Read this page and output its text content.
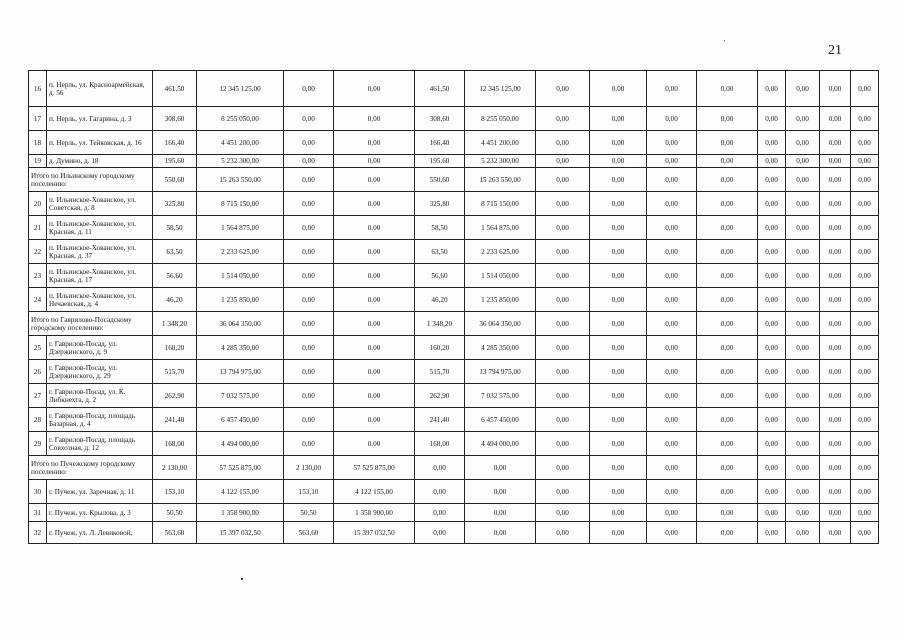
21
16	п. Нерль, ул. Красноармейская, д. 56	461,50	12 345 125,00	0,00	0,00	461,50	12 345 125,00	0,00	0,00	0,00	0,00	0,00	0,00	0,00	0,00
17	п. Нерль, ул. Гагарина, д. 3	308,60	8 255 050,00	0,00	0,00	308,60	8 255 050,00	0,00	0,00	0,00	0,00	0,00	0,00	0,00	0,00
18	п. Нерль, ул. Тейковская, д. 16	166,40	4 451 200,00	0,00	0,00	166,40	4 451 200,00	0,00	0,00	0,00	0,00	0,00	0,00	0,00	0,00
19	д. Думино, д. 18	195,60	5 232 300,00	0,00	0,00	195,60	5 232 300,00	0,00	0,00	0,00	0,00	0,00	0,00	0,00	0,00
Итого по Ильинскому городскому поселению:		550,60	15 263 550,00	0,00	0,00	550,60	15 263 550,00	0,00	0,00	0,00	0,00	0,00	0,00	0,00	0,00
20	п. Ильинское-Хованское, ул. Советская, д. 8	325,80	8 715 150,00	0,00	0,00	325,80	8 715 150,00	0,00	0,00	0,00	0,00	0,00	0,00	0,00	0,00
21	п. Ильинское-Хованское, ул. Красная, д. 11	58,50	1 564 875,00	0,00	0,00	58,50	1 564 875,00	0,00	0,00	0,00	0,00	0,00	0,00	0,00	0,00
22	п. Ильинское-Хованское, ул. Красная, д. 37	63,50	2 233 625,00	0,00	0,00	63,50	2 233 625,00	0,00	0,00	0,00	0,00	0,00	0,00	0,00	0,00
23	п. Ильинское-Хованское, ул. Красная, д. 17	56,60	1 514 050,00	0,00	0,00	56,60	1 514 050,00	0,00	0,00	0,00	0,00	0,00	0,00	0,00	0,00
24	п. Ильинское-Хованское, ул. Нечаевская, д. 4	46,20	1 235 850,00	0,00	0,00	46,20	1 235 850,00	0,00	0,00	0,00	0,00	0,00	0,00	0,00	0,00
Итого по Гаврилово-Посадскому городскому поселению:		1 348,20	36 064 350,00	0,00	0,00	1 348,20	36 064 350,00	0,00	0,00	0,00	0,00	0,00	0,00	0,00	0,00
25	г. Гаврилов-Посад, ул. Дзержинского, д. 9	160,20	4 285 350,00	0,00	0,00	160,20	4 285 350,00	0,00	0,00	0,00	0,00	0,00	0,00	0,00	0,00
26	г. Гаврилов-Посад, ул. Дзержинского, д. 29	515,70	13 794 975,00	0,00	0,00	515,70	13 794 975,00	0,00	0,00	0,00	0,00	0,00	0,00	0,00	0,00
27	г. Гаврилов-Посад, ул. К. Либкнехта, д. 2	262,90	7 032 575,00	0,00	0,00	262,90	7 032 575,00	0,00	0,00	0,00	0,00	0,00	0,00	0,00	0,00
28	г. Гаврилов-Посад, площадь Базарная, д. 4	241,40	6 457 450,00	0,00	0,00	241,40	6 457 450,00	0,00	0,00	0,00	0,00	0,00	0,00	0,00	0,00
29	г. Гаврилов-Посад, площадь Совхозная, д. 12	168,00	4 494 000,00	0,00	0,00	168,00	4 494 000,00	0,00	0,00	0,00	0,00	0,00	0,00	0,00	0,00
Итого по Пучежскому городскому поселению:		2 130,00	57 525 875,00	2 130,00	57 525 875,00	0,00	0,00	0,00	0,00	0,00	0,00	0,00	0,00	0,00	0,00
30	г. Пучеж, ул. Заречная, д. 11	153,10	4 122 155,00	153,10	4 122 155,00	0,00	0,00	0,00	0,00	0,00	0,00	0,00	0,00	0,00	0,00
31	г. Пучеж, ул. Крылова, д. 3	50,50	1 358 900,00	50,50	1 358 900,00	0,00	0,00	0,00	0,00	0,00	0,00	0,00	0,00	0,00	0,00
32	г. Пучеж, ул. Л. Левиковой,	563,60	15 397 032,50	563,60	15 397 032,50	0,00	0,00	0,00	0,00	0,00	0,00	0,00	0,00	0,00	0,00
